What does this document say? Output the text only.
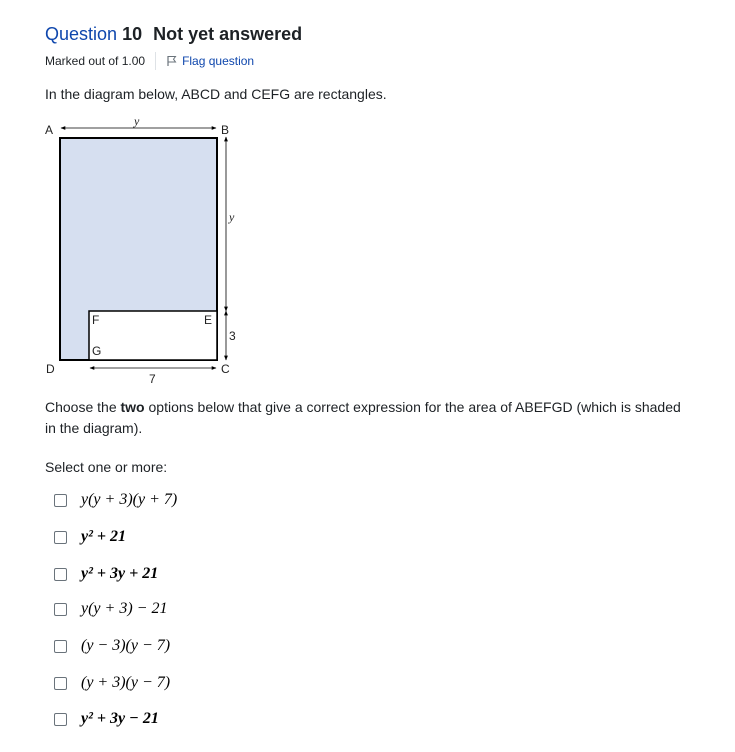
Question 10 Not yet answered
Marked out of 1.00	Flag question
In the diagram below, ABCD and CEFG are rectangles.
A	B
C
D
E
F
G
y
y
3
7
Choose the two options below that give a correct expression for the area of ABEFGD (which is shaded in the diagram).
Select one or more:
y(y + 3)(y + 7)
y² + 21
y² + 3y + 21
y(y + 3) − 21
(y − 3)(y − 7)
(y + 3)(y − 7)
y² + 3y − 21
